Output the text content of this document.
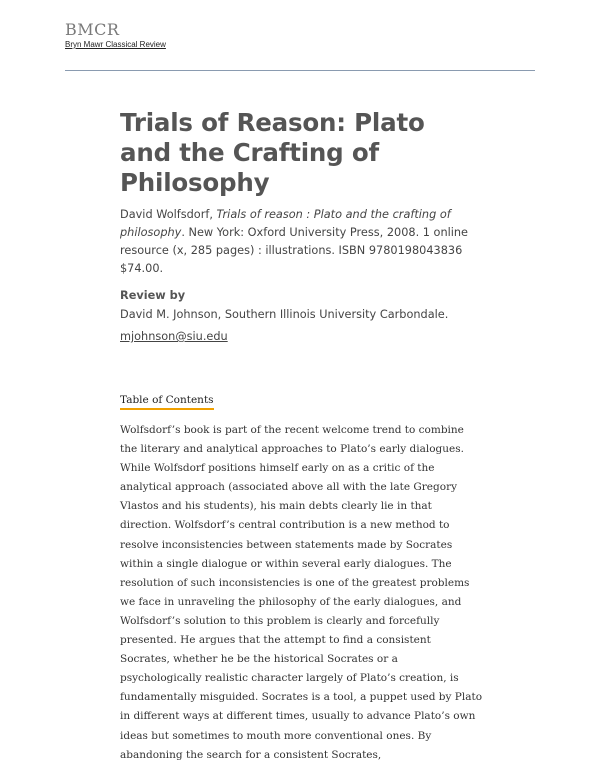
BMCR
Bryn Mawr Classical Review
Trials of Reason: Plato and the Crafting of Philosophy
David Wolfsdorf, Trials of reason : Plato and the crafting of philosophy. New York: Oxford University Press, 2008. 1 online resource (x, 285 pages) : illustrations. ISBN 9780198043836 $74.00.
Review by
David M. Johnson, Southern Illinois University Carbondale.
mjohnson@siu.edu
Table of Contents

Wolfsdorf’s book is part of the recent welcome trend to combine the literary and analytical approaches to Plato’s early dialogues. While Wolfsdorf positions himself early on as a critic of the analytical approach (associated above all with the late Gregory Vlastos and his students), his main debts clearly lie in that direction. Wolfsdorf’s central contribution is a new method to resolve inconsistencies between statements made by Socrates within a single dialogue or within several early dialogues. The resolution of such inconsistencies is one of the greatest problems we face in unraveling the philosophy of the early dialogues, and Wolfsdorf’s solution to this problem is clearly and forcefully presented. He argues that the attempt to find a consistent Socrates, whether he be the historical Socrates or a psychologically realistic character largely of Plato’s creation, is fundamentally misguided. Socrates is a tool, a puppet used by Plato in different ways at different times, usually to advance Plato’s own ideas but sometimes to mouth more conventional ones. By abandoning the search for a consistent Socrates,
